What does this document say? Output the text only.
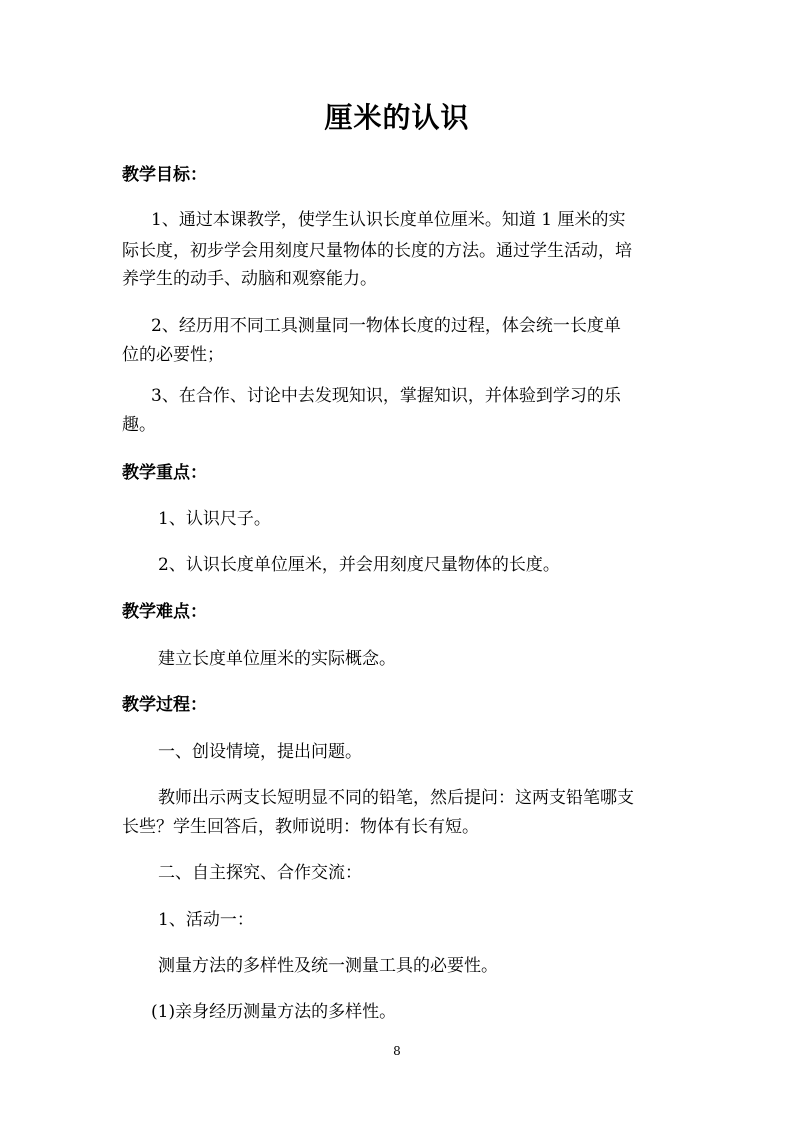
厘米的认识
教学目标：
1、通过本课教学，使学生认识长度单位厘米。知道 1 厘米的实
际长度，初步学会用刻度尺量物体的长度的方法。通过学生活动，培
养学生的动手、动脑和观察能力。
2、经历用不同工具测量同一物体长度的过程，体会统一长度单
位的必要性；
3、在合作、讨论中去发现知识，掌握知识，并体验到学习的乐
趣。
教学重点：
1、认识尺子。
2、认识长度单位厘米，并会用刻度尺量物体的长度。
教学难点：
建立长度单位厘米的实际概念。
教学过程：
一、创设情境，提出问题。
教师出示两支长短明显不同的铅笔，然后提问：这两支铅笔哪支
长些？学生回答后，教师说明：物体有长有短。
二、自主探究、合作交流：
1、活动一：
测量方法的多样性及统一测量工具的必要性。
(1)亲身经历测量方法的多样性。
8
